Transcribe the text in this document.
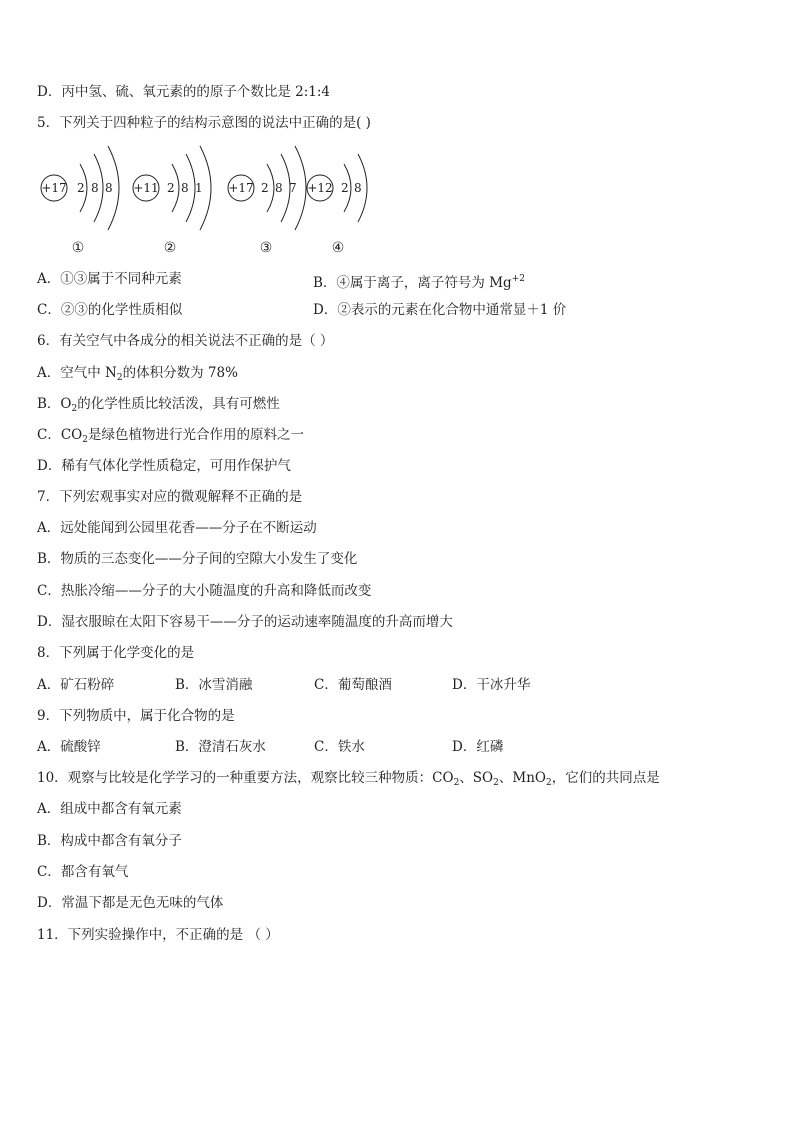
D．丙中氢、硫、氧元素的的原子个数比是 2:1:4
5．下列关于四种粒子的结构示意图的说法中正确的是( )
+17 2 8 8
①
+11 2 8 1
②
+17 2 8 7
③
+12 2 8
④
A．①③属于不同种元素	B．④属于离子，离子符号为 $Mg^{+2}$
C．②③的化学性质相似	D．②表示的元素在化合物中通常显＋1 价
6．有关空气中各成分的相关说法不正确的是（ ）
A．空气中 $N_2$的体积分数为 78%
B．$O_2$的化学性质比较活泼，具有可燃性
C．$CO_2$是绿色植物进行光合作用的原料之一
D．稀有气体化学性质稳定，可用作保护气
7．下列宏观事实对应的微观解释不正确的是
A．远处能闻到公园里花香——分子在不断运动
B．物质的三态变化——分子间的空隙大小发生了变化
C．热胀冷缩——分子的大小随温度的升高和降低而改变
D．湿衣服晾在太阳下容易干——分子的运动速率随温度的升高而增大
8．下列属于化学变化的是
A．矿石粉碎	B．冰雪消融	C．葡萄酿酒	D．干冰升华
9．下列物质中，属于化合物的是
A．硫酸锌	B．澄清石灰水	C．铁水	D．红磷
10．观察与比较是化学学习的一种重要方法，观察比较三种物质：$CO_2$、$SO_2$、MnO$_2$，它们的共同点是
A．组成中都含有氧元素
B．构成中都含有氧分子
C．都含有氧气
D．常温下都是无色无味的气体
11．下列实验操作中，不正确的是 （ ）
